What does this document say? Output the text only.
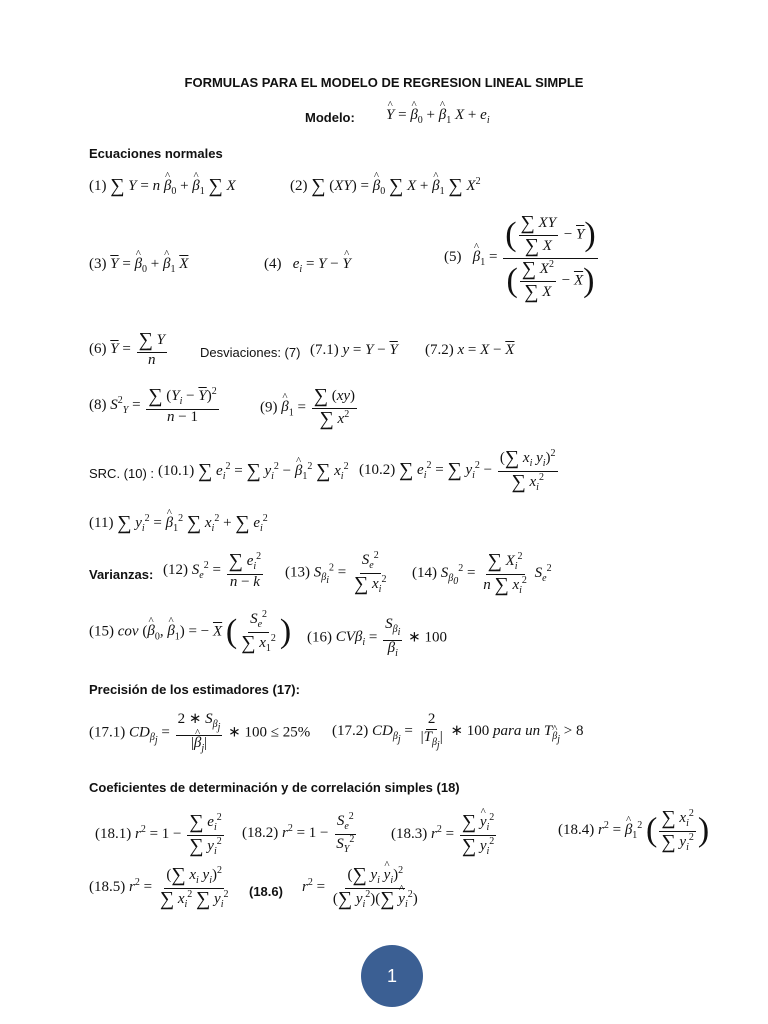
FORMULAS PARA EL MODELO DE REGRESION LINEAL SIMPLE
Modelo: ^ Y = ^ $\beta_0$ + ^ $\beta_1$ $X + e_i$
Ecuaciones normales
(1) ∑ Y = n ^ $\beta_0$ + ^ $\beta_1$ ∑ X	(2) ∑ (XY) = ^ $\beta_0$ ∑ X + ^ $\beta_1$ ∑ $X^2$
(3) $\overline{Y}$ = ^ $\beta_0$ + ^ $\beta_1$ $\overline{X}$	(4)   $e_i = Y$ − ^ Y	(5)   ^ $\beta_1 = \frac{( \frac{\sum XY}{\sum X} - \overline{Y})}{( \frac{\sum X^2}{\sum X} - \overline{X})}$
(6) $\overline{Y} = \frac{\sum Y}{n}$	Desviaciones: (7) (7.1) $y = Y - \overline{Y}$ (7.2) $x = X - \overline{X}$
(8) $S^2_Y = \frac{\sum (Y_i - \overline{Y})^2}{n - 1}$	(9) ^ $\beta_1 = \frac{\sum (xy)}{\sum x^2}$
SRC. (10) : (10.1) ∑ $e_i^2$ = ∑ $y_i^2$ − ^ $\beta_1^2$ ∑ $x_i^2$ (10.2) ∑ $e_i^2$ = ∑ $y_i^2 - \frac{(\sum x_i y_i)^2}{\sum x_i^2}$
(11) ∑ $y_i^2$ = ^ $\beta_1^2$ ∑ $x_i^2$ + ∑ $e_i^2$
Varianzas: (12) $S_e^2 = \frac{\sum e_i^2}{n - k} (13) S_{\beta_i}^2 = \frac{S_e^2}{\sum x_i^2} (14) S_{\beta_0}^2 = \frac{\sum X_i^2}{n \sum x_i^2} S_e^2$
(15) cov (^ $\beta_0$, ^ $\beta_1$) = − $\overline{X}$ ( $\frac{S_e^2}{\sum x_1^2}$ ) (16) $CV\beta_i = \frac{S_{\beta_i}}{\beta_i}$ ∗ 100
Precisión de los estimadores (17):
(17.1) $CD_{\beta_j} = \frac{2 ∗ S_{\beta_j}}{|\^{} \beta_j|}$ ∗ 100 ≤ 25% (17.2) $CD_{\beta_j} = \frac{2}{|T_{\beta_j}|}$ ∗ 100 para un T^ $_{\beta_j}$ > 8
Coeficientes de determinación y de correlación simples (18)
(18.1) $r^2 = 1 - \frac{\sum e_i^2}{\sum y_i^2} (18.2) r^2 = 1 - \frac{S_e^2}{S_Y^2} (18.3) r^2 = \frac{\sum \^{} y_i^2}{\sum y_i^2}$	(18.4) $r^2$ = ^ $\beta_1^2$ ( $\frac{\sum x_i^2}{\sum y_i^2}$ )
(18.5) $r^2 = \frac{(\sum x_i y_i)^2}{\sum x_i^2 \sum y_i^2} (18.6) r^2 = \frac{(\sum y_i \^{} y_i)^2}{(\sum y_i^2)(\sum \^{} y_i^2)}$
1
